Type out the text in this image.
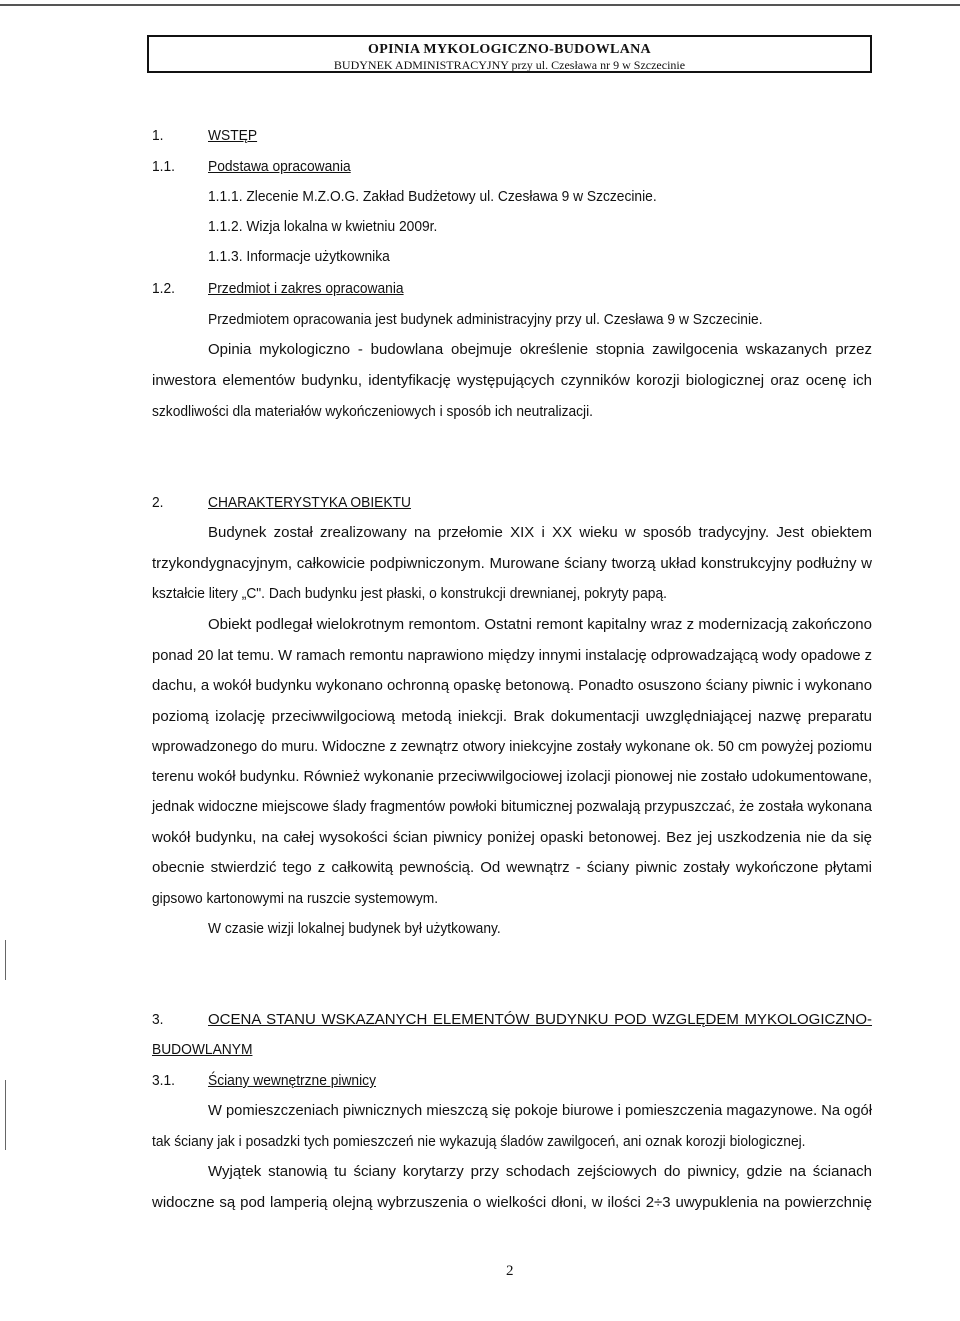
OPINIA MYKOLOGICZNO-BUDOWLANA
BUDYNEK ADMINISTRACYJNY przy ul. Czesława nr 9 w Szczecinie
1.	WSTĘP
1.1. Podstawa opracowania
1.1.1. Zlecenie M.Z.O.G. Zakład Budżetowy ul. Czesława 9 w Szczecinie.
1.1.2. Wizja lokalna w kwietniu 2009r.
1.1.3. Informacje użytkownika
1.2. Przedmiot i zakres opracowania
Przedmiotem opracowania jest budynek administracyjny przy ul. Czesława 9 w Szczecinie.
Opinia mykologiczno - budowlana obejmuje określenie stopnia zawilgocenia wskazanych przez
inwestora elementów budynku, identyfikację występujących czynników korozji biologicznej oraz ocenę ich
szkodliwości dla materiałów wykończeniowych i sposób ich neutralizacji.
2.	CHARAKTERYSTYKA OBIEKTU
Budynek został zrealizowany na przełomie XIX i XX wieku w sposób tradycyjny. Jest obiektem
trzykondygnacyjnym, całkowicie podpiwniczonym. Murowane ściany tworzą układ konstrukcyjny podłużny w
kształcie litery „C". Dach budynku jest płaski, o konstrukcji drewnianej, pokryty papą.
Obiekt podlegał wielokrotnym remontom. Ostatni remont kapitalny wraz z modernizacją zakończono
ponad 20 lat temu. W ramach remontu naprawiono między innymi instalację odprowadzającą wody opadowe z
dachu, a wokół budynku wykonano ochronną opaskę betonową. Ponadto osuszono ściany piwnic i wykonano
poziomą izolację przeciwwilgociową metodą iniekcji. Brak dokumentacji uwzględniającej nazwę preparatu
wprowadzonego do muru. Widoczne z zewnątrz otwory iniekcyjne zostały wykonane ok. 50 cm powyżej poziomu
terenu wokół budynku. Również wykonanie przeciwwilgociowej izolacji pionowej nie zostało udokumentowane,
jednak widoczne miejscowe ślady fragmentów powłoki bitumicznej pozwalają przypuszczać, że została wykonana
wokół budynku, na całej wysokości ścian piwnicy poniżej opaski betonowej. Bez jej uszkodzenia nie da się
obecnie stwierdzić tego z całkowitą pewnością. Od wewnątrz - ściany piwnic zostały wykończone płytami
gipsowo kartonowymi na ruszcie systemowym.
W czasie wizji lokalnej budynek był użytkowany.
3.	OCENA STANU WSKAZANYCH ELEMENTÓW BUDYNKU POD WZGLĘDEM MYKOLOGICZNO-
BUDOWLANYM
3.1. Ściany wewnętrzne piwnicy
W pomieszczeniach piwnicznych mieszczą się pokoje biurowe i pomieszczenia magazynowe. Na ogół
tak ściany jak i posadzki tych pomieszczeń nie wykazują śladów zawilgoceń, ani oznak korozji biologicznej.
Wyjątek stanowią tu ściany korytarzy przy schodach zejściowych do piwnicy, gdzie na ścianach
widoczne są pod lamperią olejną wybrzuszenia o wielkości dłoni, w ilości 2÷3 uwypuklenia na powierzchnię
2
